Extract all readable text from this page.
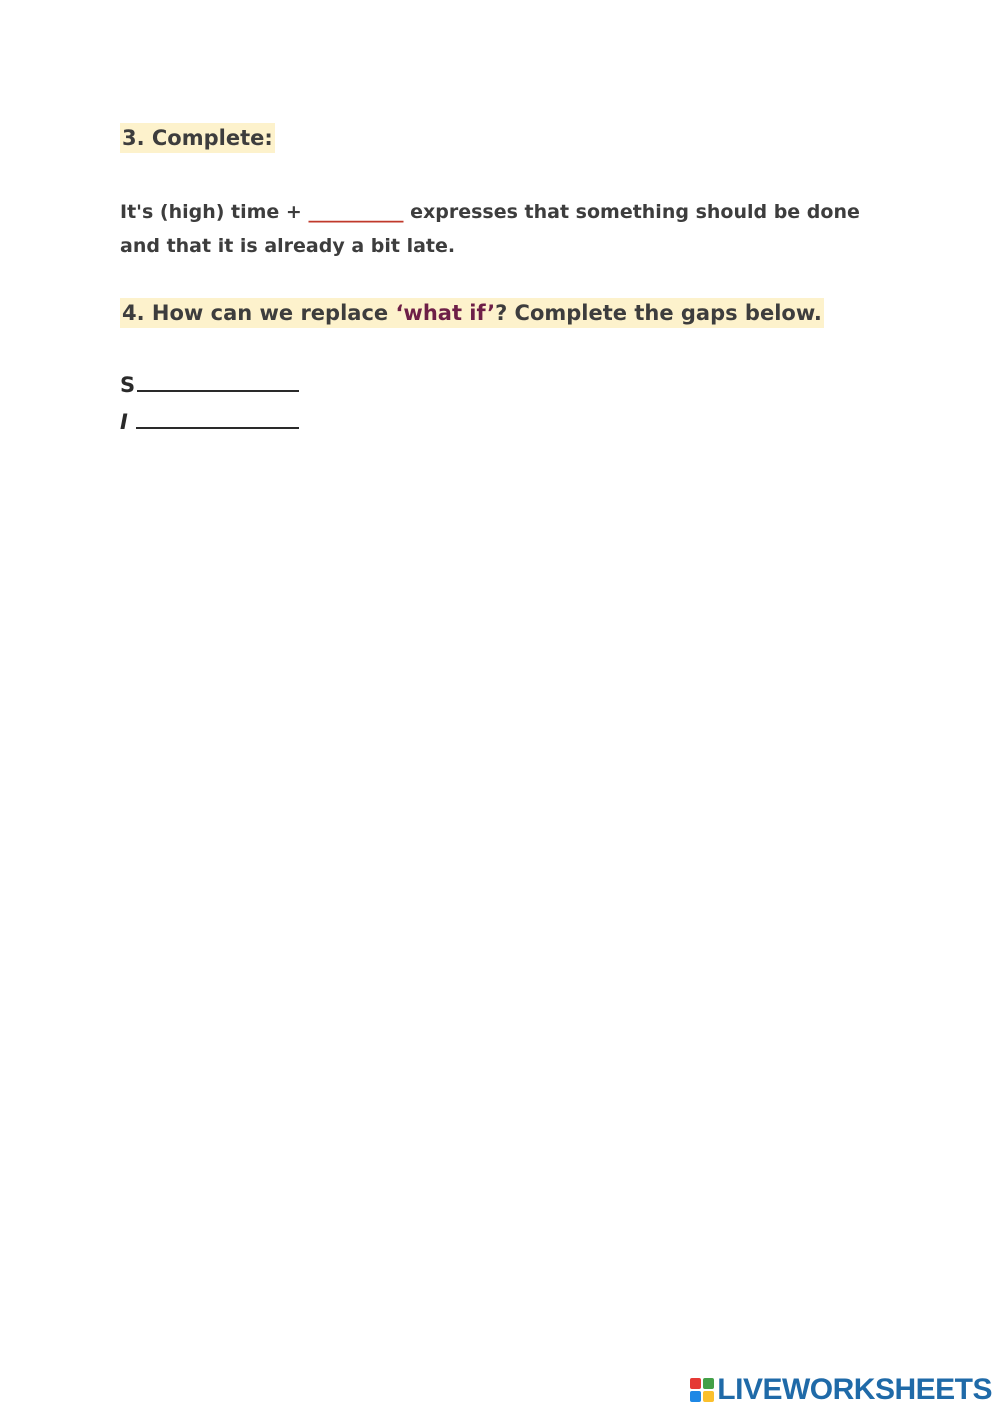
3. Complete:
It's (high) time + __________ expresses that something should be done and that it is already a bit late.
4. How can we replace ‘what if’? Complete the gaps below.
S
I
LIVEWORKSHEETS
